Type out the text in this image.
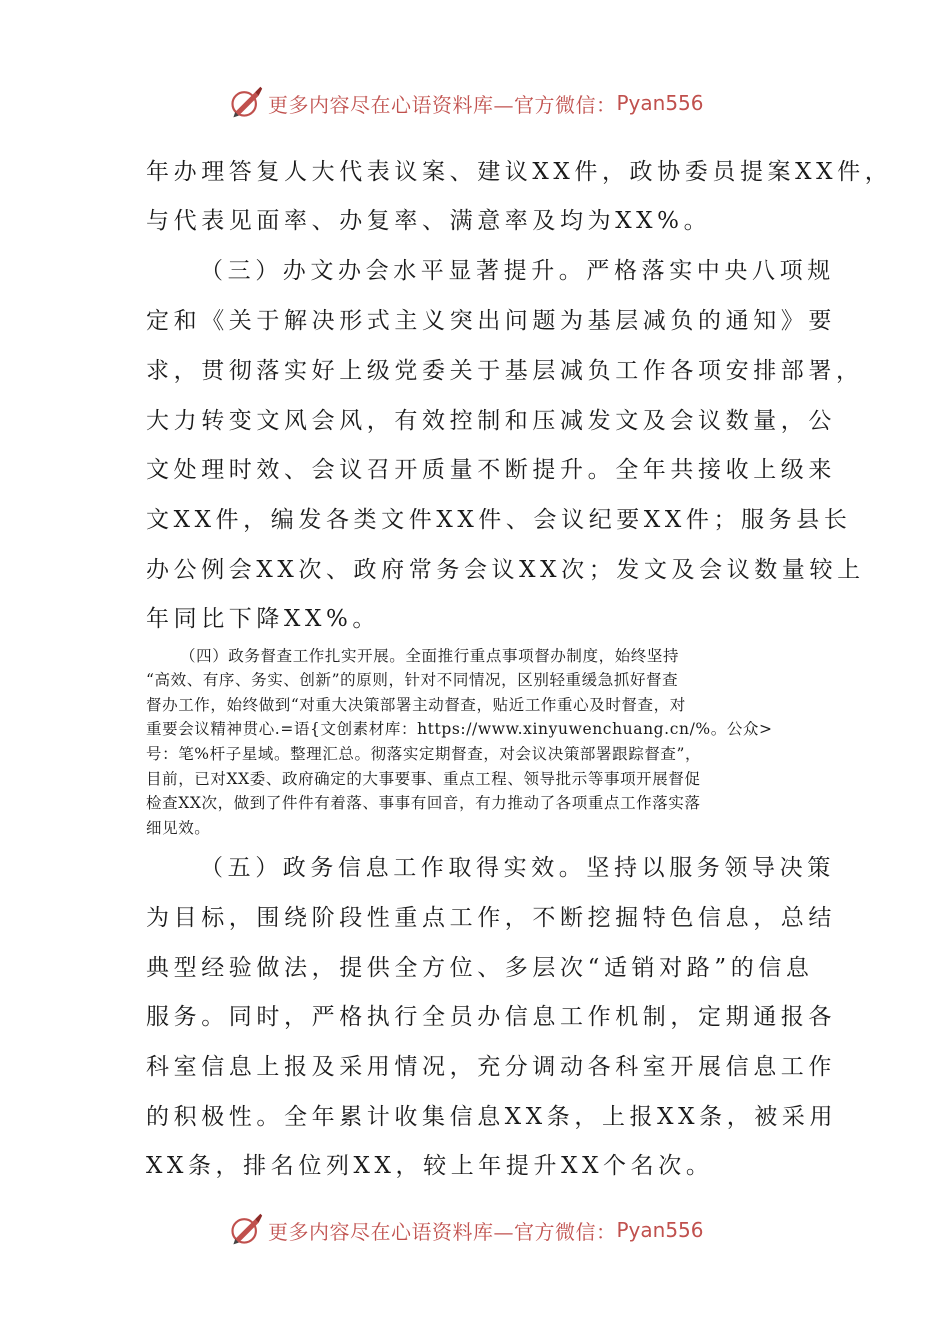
更多内容尽在心语资料库—官方微信： Pyan556
年办理答复人大代表议案、建议XX件，政协委员提案XX件，
与代表见面率、办复率、满意率及均为XX%。
（三）办文办会水平显著提升。严格落实中央八项规
定和《关于解决形式主义突出问题为基层减负的通知》要
求，贯彻落实好上级党委关于基层减负工作各项安排部署，
大力转变文风会风，有效控制和压减发文及会议数量，公
文处理时效、会议召开质量不断提升。全年共接收上级来
文XX件，编发各类文件XX件、会议纪要XX件；服务县长
办公例会XX次、政府常务会议XX次；发文及会议数量较上
年同比下降XX%。
（四）政务督查工作扎实开展。全面推行重点事项督办制度，始终坚持
“高效、有序、务实、创新”的原则，针对不同情况，区别轻重缓急抓好督查
督办工作，始终做到“对重大决策部署主动督查，贴近工作重心及时督查，对
重要会议精神贯心.=语{文创素材库：https://www.xinyuwenchuang.cn/%。公众>
号：笔%杆子星域。整理汇总。彻落实定期督查，对会议决策部署跟踪督查”，
目前，已对XX委、政府确定的大事要事、重点工程、领导批示等事项开展督促
检查XX次，做到了件件有着落、事事有回音，有力推动了各项重点工作落实落
细见效。
（五）政务信息工作取得实效。坚持以服务领导决策
为目标，围绕阶段性重点工作，不断挖掘特色信息，总结
典型经验做法，提供全方位、多层次“适销对路”的信息
服务。同时，严格执行全员办信息工作机制，定期通报各
科室信息上报及采用情况，充分调动各科室开展信息工作
的积极性。全年累计收集信息XX条，上报XX条，被采用
XX条，排名位列XX，较上年提升XX个名次。
更多内容尽在心语资料库—官方微信： Pyan556
